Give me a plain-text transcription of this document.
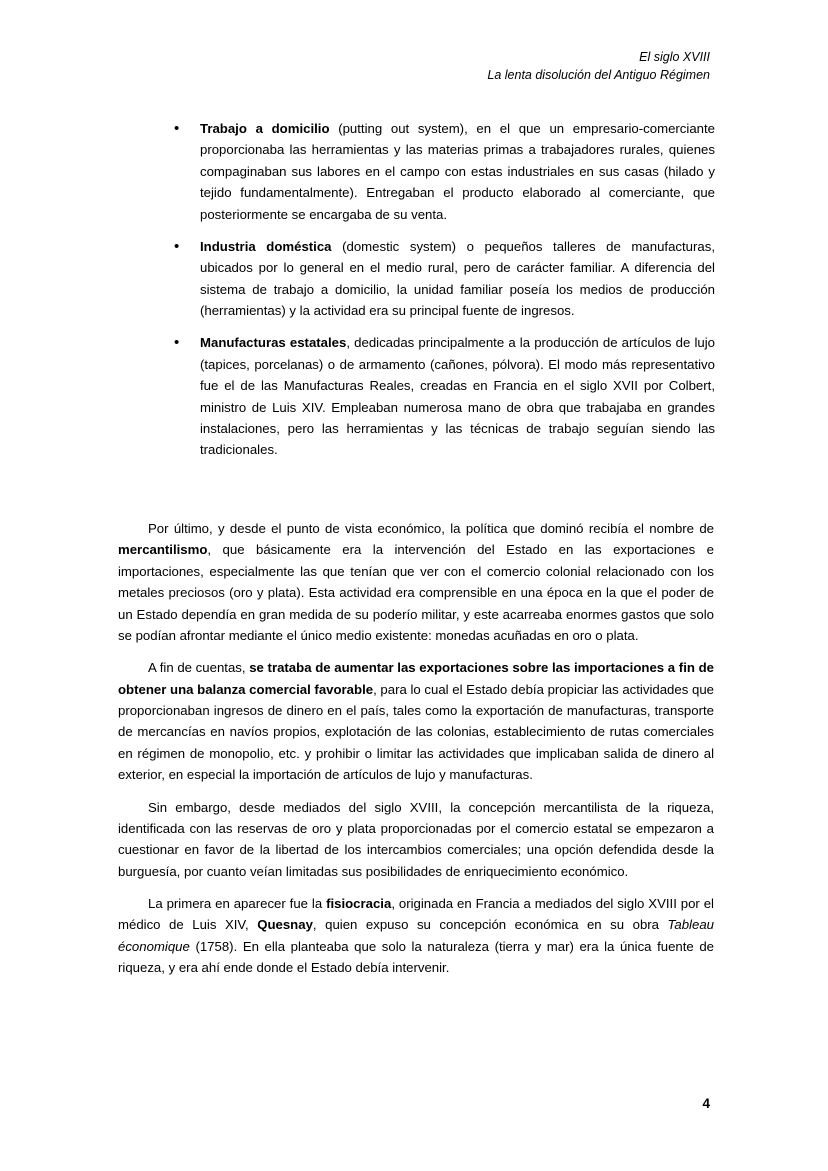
El siglo XVIII
La lenta disolución del Antiguo Régimen
• Trabajo a domicilio (putting out system), en el que un empresario-comerciante proporcionaba las herramientas y las materias primas a trabajadores rurales, quienes compaginaban sus labores en el campo con estas industriales en sus casas (hilado y tejido fundamentalmente). Entregaban el producto elaborado al comerciante, que posteriormente se encargaba de su venta.
• Industria doméstica (domestic system) o pequeños talleres de manufacturas, ubicados por lo general en el medio rural, pero de carácter familiar. A diferencia del sistema de trabajo a domicilio, la unidad familiar poseía los medios de producción (herramientas) y la actividad era su principal fuente de ingresos.
• Manufacturas estatales, dedicadas principalmente a la producción de artículos de lujo (tapices, porcelanas) o de armamento (cañones, pólvora). El modo más representativo fue el de las Manufacturas Reales, creadas en Francia en el siglo XVII por Colbert, ministro de Luis XIV. Empleaban numerosa mano de obra que trabajaba en grandes instalaciones, pero las herramientas y las técnicas de trabajo seguían siendo las tradicionales.

Por último, y desde el punto de vista económico, la política que dominó recibía el nombre de mercantilismo, que básicamente era la intervención del Estado en las exportaciones e importaciones, especialmente las que tenían que ver con el comercio colonial relacionado con los metales preciosos (oro y plata). Esta actividad era comprensible en una época en la que el poder de un Estado dependía en gran medida de su poderío militar, y este acarreaba enormes gastos que solo se podían afrontar mediante el único medio existente: monedas acuñadas en oro o plata.

A fin de cuentas, se trataba de aumentar las exportaciones sobre las importaciones a fin de obtener una balanza comercial favorable, para lo cual el Estado debía propiciar las actividades que proporcionaban ingresos de dinero en el país, tales como la exportación de manufacturas, transporte de mercancías en navíos propios, explotación de las colonias, establecimiento de rutas comerciales en régimen de monopolio, etc. y prohibir o limitar las actividades que implicaban salida de dinero al exterior, en especial la importación de artículos de lujo y manufacturas.

Sin embargo, desde mediados del siglo XVIII, la concepción mercantilista de la riqueza, identificada con las reservas de oro y plata proporcionadas por el comercio estatal se empezaron a cuestionar en favor de la libertad de los intercambios comerciales; una opción defendida desde la burguesía, por cuanto veían limitadas sus posibilidades de enriquecimiento económico.

La primera en aparecer fue la fisiocracia, originada en Francia a mediados del siglo XVIII por el médico de Luis XIV, Quesnay, quien expuso su concepción económica en su obra Tableau économique (1758). En ella planteaba que solo la naturaleza (tierra y mar) era la única fuente de riqueza, y era ahí ende donde el Estado debía intervenir.

4
